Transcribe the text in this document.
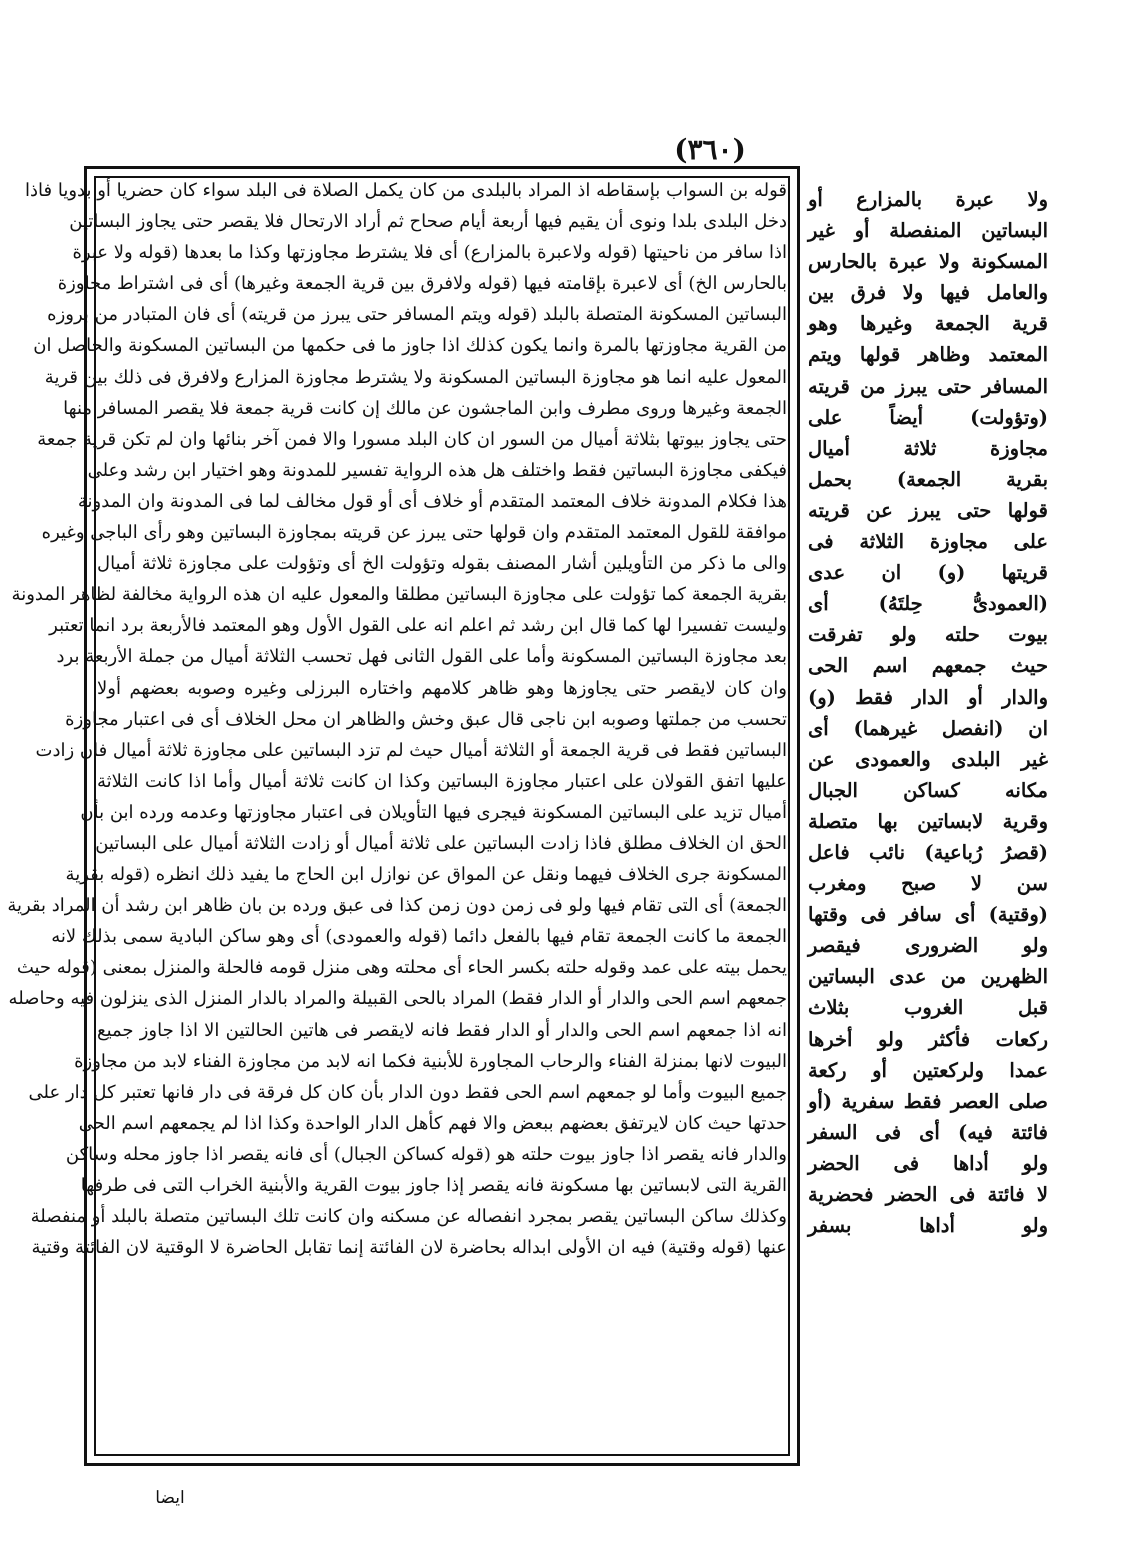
(٣٦٠)
قوله بن السواب بإسقاطه اذ المراد بالبلدى من كان يكمل الصلاة فى البلد سواء كان حضريا أو بدويا فاذا
دخل البلدى بلدا ونوى أن يقيم فيها أربعة أيام صحاح ثم أراد الارتحال فلا يقصر حتى يجاوز البساتين
اذا سافر من ناحيتها (قوله ولاعبرة بالمزارع) أى فلا يشترط مجاوزتها وكذا ما بعدها (قوله ولا عبرة
بالحارس الخ) أى لاعبرة بإقامته فيها (قوله ولافرق بين قرية الجمعة وغيرها) أى فى اشتراط مجاوزة
البساتين المسكونة المتصلة بالبلد (قوله ويتم المسافر حتى يبرز من قريته) أى فان المتبادر من بروزه
من القرية مجاوزتها بالمرة وانما يكون كذلك اذا جاوز ما فى حكمها من البساتين المسكونة والحاصل ان
المعول عليه انما هو مجاوزة البساتين المسكونة ولا يشترط مجاوزة المزارع ولافرق فى ذلك بين قرية
الجمعة وغيرها وروى مطرف وابن الماجشون عن مالك إن كانت قرية جمعة فلا يقصر المسافر منها
حتى يجاوز بيوتها بثلاثة أميال من السور ان كان البلد مسورا والا فمن آخر بنائها وان لم تكن قرية جمعة
فيكفى مجاوزة البساتين فقط واختلف هل هذه الرواية تفسير للمدونة وهو اختيار ابن رشد وعلى
هذا فكلام المدونة خلاف المعتمد المتقدم أو خلاف أى أو قول مخالف لما فى المدونة وان المدونة
موافقة للقول المعتمد المتقدم وان قولها حتى يبرز عن قريته بمجاوزة البساتين وهو رأى الباجى وغيره
والى ما ذكر من التأويلين أشار المصنف بقوله وتؤولت الخ أى وتؤولت على مجاوزة ثلاثة أميال
بقرية الجمعة كما تؤولت على مجاوزة البساتين مطلقا والمعول عليه ان هذه الرواية مخالفة لظاهر المدونة
وليست تفسيرا لها كما قال ابن رشد ثم اعلم انه على القول الأول وهو المعتمد فالأربعة برد انما تعتبر
بعد مجاوزة البساتين المسكونة وأما على القول الثانى فهل تحسب الثلاثة أميال من جملة الأربعة برد
وان كان لايقصر حتى يجاوزها وهو ظاهر كلامهم واختاره البرزلى وغيره وصوبه بعضهم أولا
تحسب من جملتها وصوبه ابن ناجى قال عبق وخش والظاهر ان محل الخلاف أى فى اعتبار مجاوزة
البساتين فقط فى قرية الجمعة أو الثلاثة أميال حيث لم تزد البساتين على مجاوزة ثلاثة أميال فان زادت
عليها اتفق القولان على اعتبار مجاوزة البساتين وكذا ان كانت ثلاثة أميال وأما اذا كانت الثلاثة
أميال تزيد على البساتين المسكونة فيجرى فيها التأويلان فى اعتبار مجاوزتها وعدمه ورده ابن بأن
الحق ان الخلاف مطلق فاذا زادت البساتين على ثلاثة أميال أو زادت الثلاثة أميال على البساتين
المسكونة جرى الخلاف فيهما ونقل عن المواق عن نوازل ابن الحاج ما يفيد ذلك انظره (قوله بقرية
الجمعة) أى التى تقام فيها ولو فى زمن دون زمن كذا فى عبق ورده بن بان ظاهر ابن رشد أن المراد بقرية
الجمعة ما كانت الجمعة تقام فيها بالفعل دائما (قوله والعمودى) أى وهو ساكن البادية سمى بذلك لانه
يحمل بيته على عمد وقوله حلته بكسر الحاء أى محلته وهى منزل قومه فالحلة والمنزل بمعنى (قوله حيث
جمعهم اسم الحى والدار أو الدار فقط) المراد بالحى القبيلة والمراد بالدار المنزل الذى ينزلون فيه وحاصله
انه اذا جمعهم اسم الحى والدار أو الدار فقط فانه لايقصر فى هاتين الحالتين الا اذا جاوز جميع
البيوت لانها بمنزلة الفناء والرحاب المجاورة للأبنية فكما انه لابد من مجاوزة الفناء لابد من مجاوزة
جميع البيوت وأما لو جمعهم اسم الحى فقط دون الدار بأن كان كل فرقة فى دار فانها تعتبر كل دار على
حدتها حيث كان لايرتفق بعضهم ببعض والا فهم كأهل الدار الواحدة وكذا اذا لم يجمعهم اسم الحى
والدار فانه يقصر اذا جاوز بيوت حلته هو (قوله كساكن الجبال) أى فانه يقصر اذا جاوز محله وساكن
القرية التى لابساتين بها مسكونة فانه يقصر إذا جاوز بيوت القرية والأبنية الخراب التى فى طرفها
وكذلك ساكن البساتين يقصر بمجرد انفصاله عن مسكنه وان كانت تلك البساتين متصلة بالبلد أو منفصلة
عنها (قوله وقتية) فيه ان الأولى ابداله بحاضرة لان الفائتة إنما تقابل الحاضرة لا الوقتية لان الفائتة وقتية
ولا عبرة بالمزارع أو
البساتين المنفصلة أو غير
المسكونة ولا عبرة بالحارس
والعامل فيها ولا فرق بين
قرية الجمعة وغيرها وهو
المعتمد وظاهر قولها ويتم
المسافر حتى يبرز من قريته
(وتؤولت) أيضاً على
مجاوزة ثلاثة أميال
بقرية الجمعة) بحمل
قولها حتى يبرز عن قريته
على مجاوزة الثلاثة فى
قريتها (و) ان عدى
(العمودىُّ حِلتَهُ) أى
بيوت حلته ولو تفرقت
حيث جمعهم اسم الحى
والدار أو الدار فقط (و)
ان (انفصل غيرهما) أى
غير البلدى والعمودى عن
مكانه كساكن الجبال
وقرية لابساتين بها متصلة
(قصرُ رُباعية) نائب فاعل
سن لا صبح ومغرب
(وقتية) أى سافر فى وقتها
ولو الضرورى فيقصر
الظهرين من عدى البساتين
قبل الغروب بثلاث
ركعات فأكثر ولو أخرها
عمدا ولركعتين أو ركعة
صلى العصر فقط سفرية (أو
فائتة فيه) أى فى السفر
ولو أداها فى الحضر
لا فائتة فى الحضر فحضرية
ولو أداها بسفر
ايضا
